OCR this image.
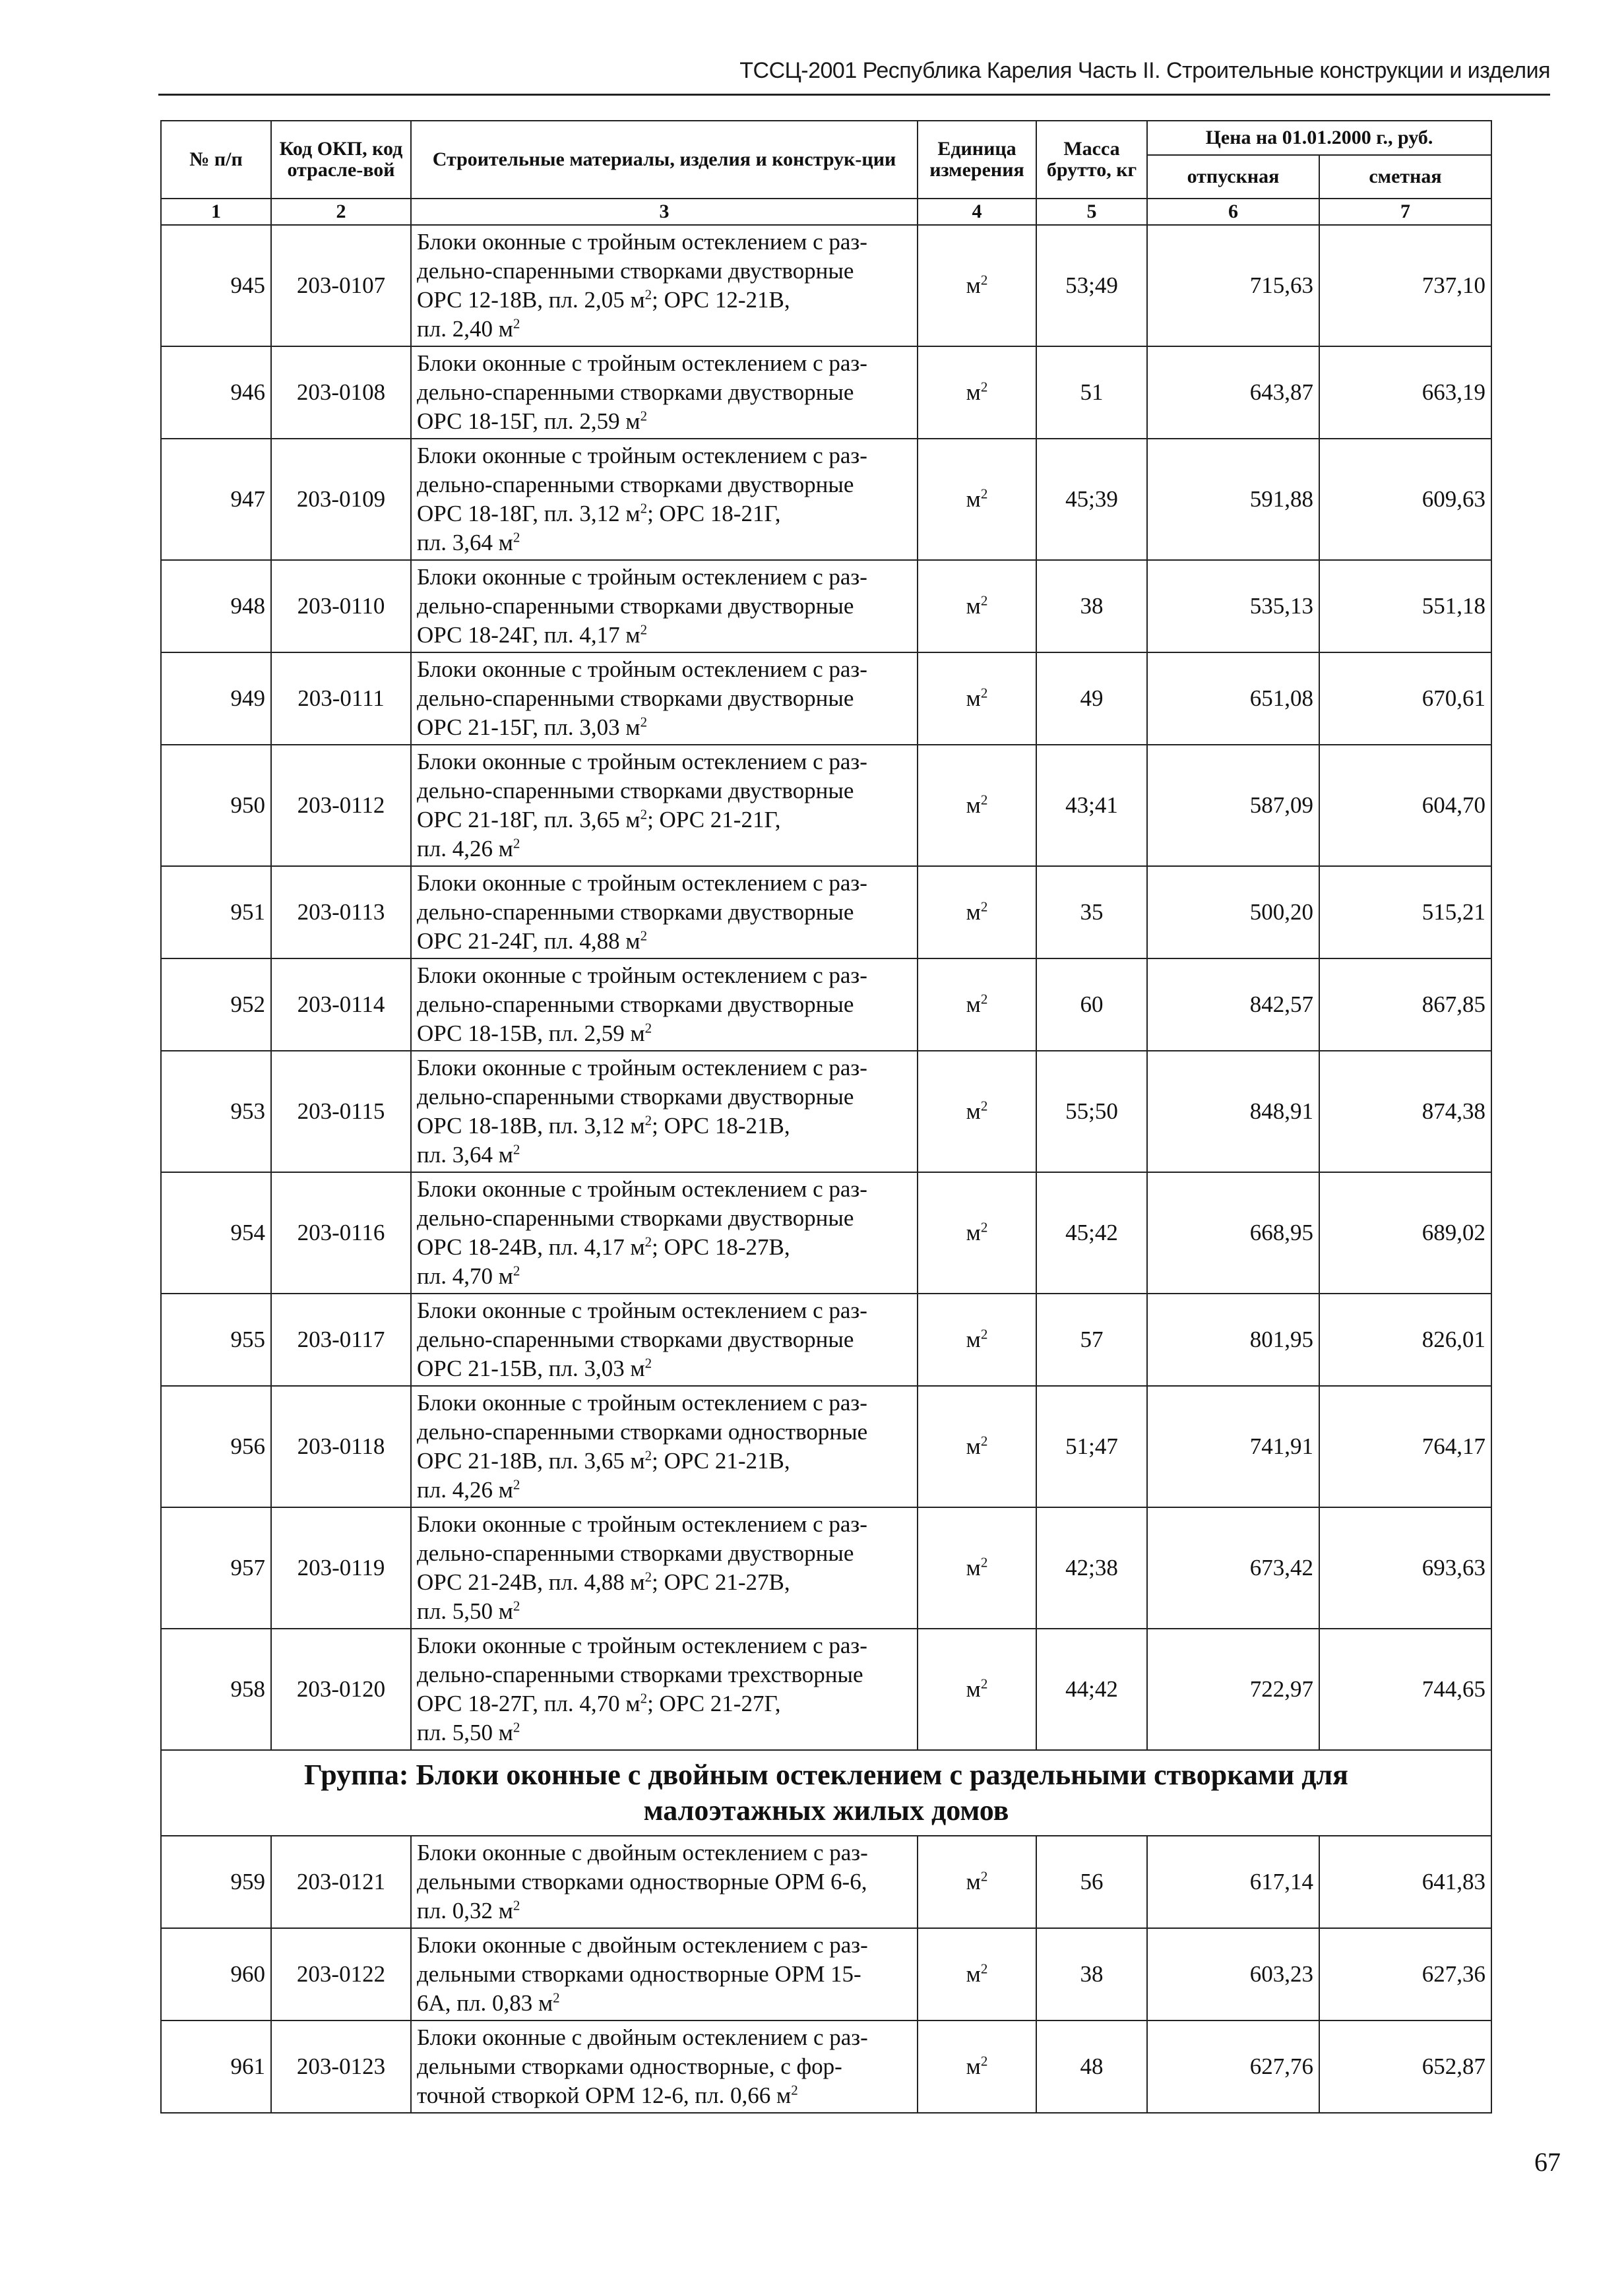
ТССЦ-2001 Республика Карелия Часть II. Строительные конструкции и изделия
№ п/п	Код ОКП, код отрасле-вой	Строительные материалы, изделия и конструк-ции	Единица измерения	Масса брутто, кг	Цена на 01.01.2000 г., руб.	
					отпускная	сметная
1	2	3	4	5	6	7
945	203-0107	Блоки оконные с тройным остеклением с раз-
дельно-спаренными створками двустворные
ОРС 12-18В, пл. 2,05 $м^2$; ОРС 12-21В,
пл. 2,40 $м^2$	$м^2$	53;49	715,63	737,10
946	203-0108	Блоки оконные с тройным остеклением с раз-
дельно-спаренными створками двустворные
ОРС 18-15Г, пл. 2,59 $м^2$	$м^2$	51	643,87	663,19
947	203-0109	Блоки оконные с тройным остеклением с раз-
дельно-спаренными створками двустворные
ОРС 18-18Г, пл. 3,12 $м^2$; ОРС 18-21Г,
пл. 3,64 $м^2$	$м^2$	45;39	591,88	609,63
948	203-0110	Блоки оконные с тройным остеклением с раз-
дельно-спаренными створками двустворные
ОРС 18-24Г, пл. 4,17 $м^2$	$м^2$	38	535,13	551,18
949	203-0111	Блоки оконные с тройным остеклением с раз-
дельно-спаренными створками двустворные
ОРС 21-15Г, пл. 3,03 $м^2$	$м^2$	49	651,08	670,61
950	203-0112	Блоки оконные с тройным остеклением с раз-
дельно-спаренными створками двустворные
ОРС 21-18Г, пл. 3,65 $м^2$; ОРС 21-21Г,
пл. 4,26 $м^2$	$м^2$	43;41	587,09	604,70
951	203-0113	Блоки оконные с тройным остеклением с раз-
дельно-спаренными створками двустворные
ОРС 21-24Г, пл. 4,88 $м^2$	$м^2$	35	500,20	515,21
952	203-0114	Блоки оконные с тройным остеклением с раз-
дельно-спаренными створками двустворные
ОРС 18-15В, пл. 2,59 $м^2$	$м^2$	60	842,57	867,85
953	203-0115	Блоки оконные с тройным остеклением с раз-
дельно-спаренными створками двустворные
ОРС 18-18В, пл. 3,12 $м^2$; ОРС 18-21В,
пл. 3,64 $м^2$	$м^2$	55;50	848,91	874,38
954	203-0116	Блоки оконные с тройным остеклением с раз-
дельно-спаренными створками двустворные
ОРС 18-24В, пл. 4,17 $м^2$; ОРС 18-27В,
пл. 4,70 $м^2$	$м^2$	45;42	668,95	689,02
955	203-0117	Блоки оконные с тройным остеклением с раз-
дельно-спаренными створками двустворные
ОРС 21-15В, пл. 3,03 $м^2$	$м^2$	57	801,95	826,01
956	203-0118	Блоки оконные с тройным остеклением с раз-
дельно-спаренными створками одностворные
ОРС 21-18В, пл. 3,65 $м^2$; ОРС 21-21В,
пл. 4,26 $м^2$	$м^2$	51;47	741,91	764,17
957	203-0119	Блоки оконные с тройным остеклением с раз-
дельно-спаренными створками двустворные
ОРС 21-24В, пл. 4,88 $м^2$; ОРС 21-27В,
пл. 5,50 $м^2$	$м^2$	42;38	673,42	693,63
958	203-0120	Блоки оконные с тройным остеклением с раз-
дельно-спаренными створками трехстворные
ОРС 18-27Г, пл. 4,70 $м^2$; ОРС 21-27Г,
пл. 5,50 $м^2$	$м^2$	44;42	722,97	744,65

Группа: Блоки оконные с двойным остеклением с раздельными створками для
малоэтажных жилых домов						

959	203-0121	Блоки оконные с двойным остеклением с раз-
дельными створками одностворные ОРМ 6-6,
пл. 0,32 $м^2$	$м^2$	56	617,14	641,83
960	203-0122	Блоки оконные с двойным остеклением с раз-
дельными створками одностворные ОРМ 15-
6А, пл. 0,83 $м^2$	$м^2$	38	603,23	627,36
961	203-0123	Блоки оконные с двойным остеклением с раз-
дельными створками одностворные, с фор-
точной створкой ОРМ 12-6, пл. 0,66 $м^2$	$м^2$	48	627,76	652,87
67
